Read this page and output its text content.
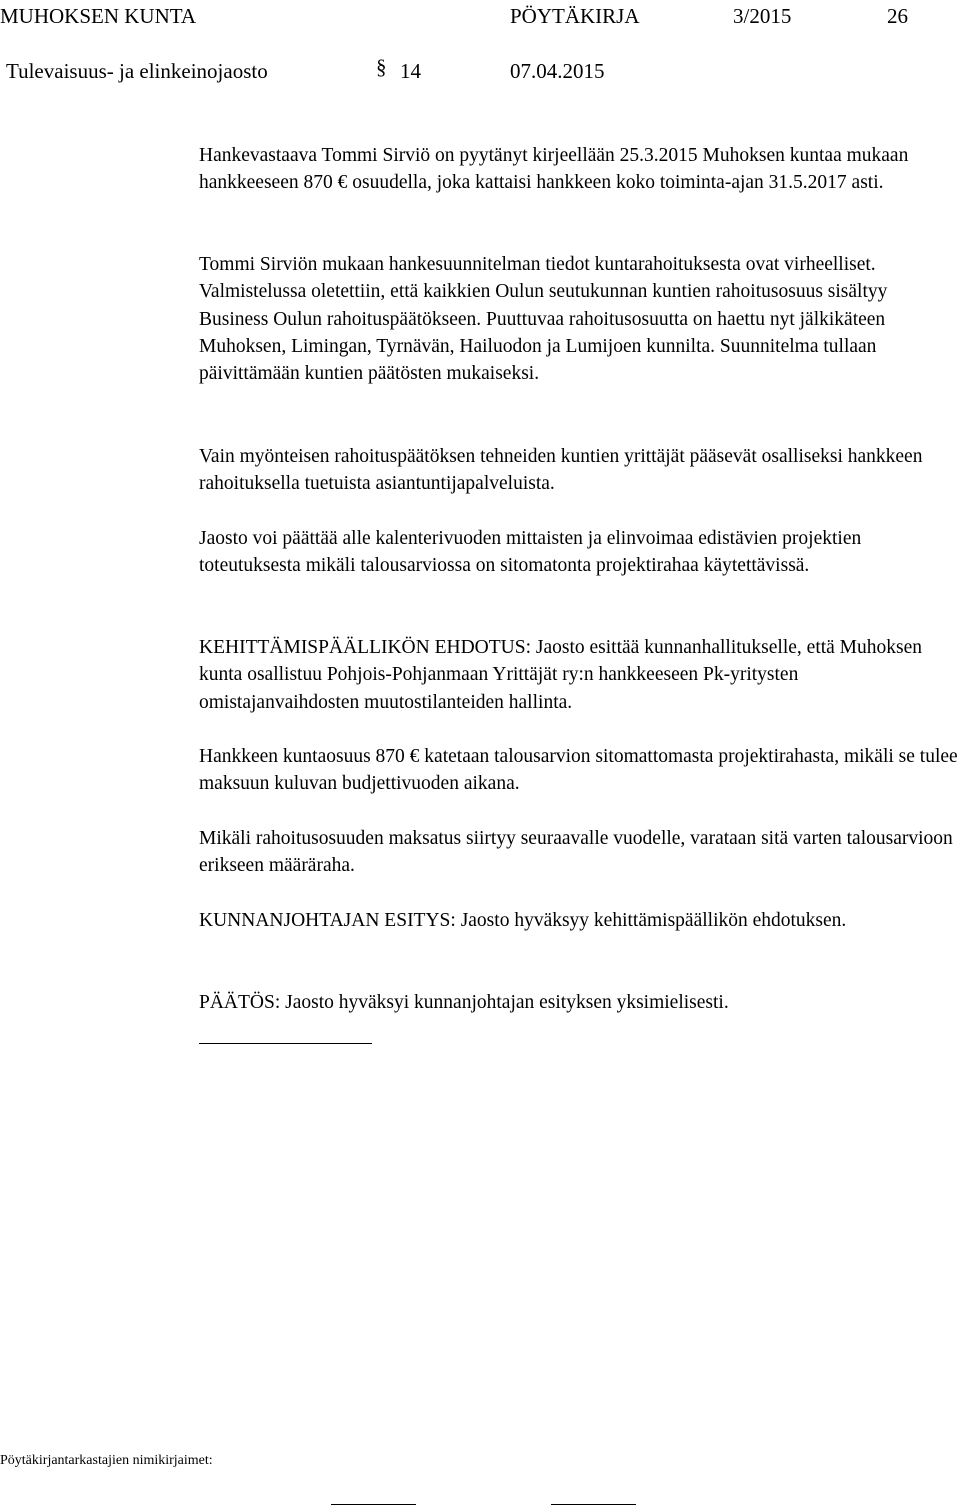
MUHOKSEN KUNTA	PÖYTÄKIRJA	3/2015	26
Tulevaisuus- ja elinkeinojaosto	§ 14	07.04.2015

Hankevastaava Tommi Sirviö on pyytänyt kirjeellään 25.3.2015 Muhoksen kuntaa mukaan hankkeeseen 870 € osuudella, joka kattaisi hankkeen koko toiminta-ajan 31.5.2017 asti.

Tommi Sirviön mukaan hankesuunnitelman tiedot kuntarahoituksesta ovat virheelliset. Valmistelussa oletettiin, että kaikkien Oulun seutukunnan kuntien rahoitusosuus sisältyy Business Oulun rahoituspäätökseen. Puuttuvaa rahoitusosuutta on haettu nyt jälkikäteen Muhoksen, Limingan, Tyrnävän, Hailuodon ja Lumijoen kunnilta. Suunnitelma tullaan päivittämään kuntien päätösten mukaiseksi.

Vain myönteisen rahoituspäätöksen tehneiden kuntien yrittäjät pääsevät osalliseksi hankkeen rahoituksella tuetuista asiantuntijapalveluista.

Jaosto voi päättää alle kalenterivuoden mittaisten ja elinvoimaa edistävien projektien toteutuksesta mikäli talousarviossa on sitomatonta projektirahaa käytettävissä.

KEHITTÄMISPÄÄLLIKÖN EHDOTUS: Jaosto esittää kunnanhallitukselle, että Muhoksen kunta osallistuu Pohjois-Pohjanmaan Yrittäjät ry:n hankkeeseen Pk-yritysten omistajanvaihdosten muutostilanteiden hallinta.

Hankkeen kuntaosuus 870 € katetaan talousarvion sitomattomasta projektirahasta, mikäli se tulee maksuun kuluvan budjettivuoden aikana.

Mikäli rahoitusosuuden maksatus siirtyy seuraavalle vuodelle, varataan sitä varten talousarvioon erikseen määräraha.

KUNNANJOHTAJAN ESITYS: Jaosto hyväksyy kehittämispäällikön ehdotuksen.

PÄÄTÖS: Jaosto hyväksyi kunnanjohtajan esityksen yksimielisesti.

Pöytäkirjantarkastajien nimikirjaimet:
